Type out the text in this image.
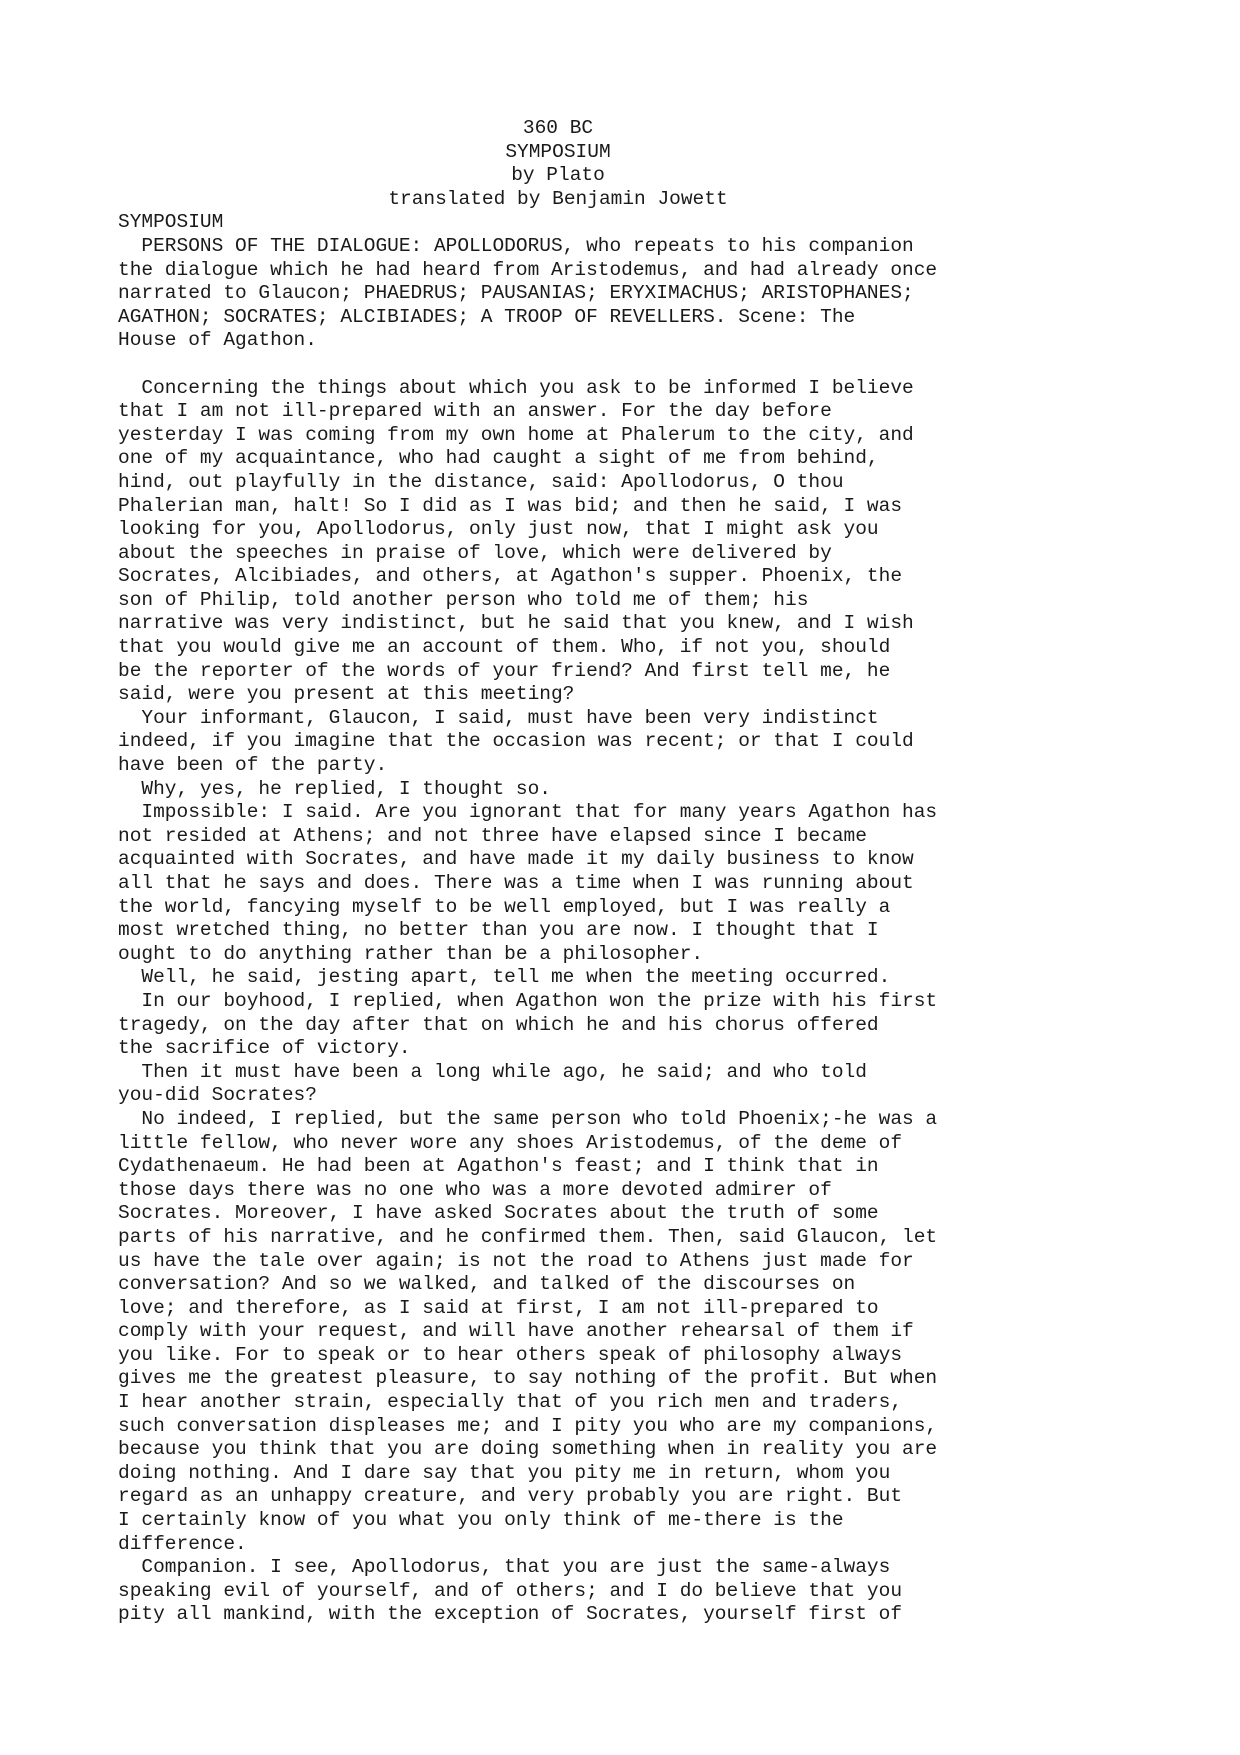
360 BC
SYMPOSIUM
by Plato
translated by Benjamin Jowett
SYMPOSIUM
PERSONS OF THE DIALOGUE: APOLLODORUS, who repeats to his companion
the dialogue which he had heard from Aristodemus, and had already once
narrated to Glaucon; PHAEDRUS; PAUSANIAS; ERYXIMACHUS; ARISTOPHANES;
AGATHON; SOCRATES; ALCIBIADES; A TROOP OF REVELLERS. Scene: The
House of Agathon.
Concerning the things about which you ask to be informed I believe
that I am not ill-prepared with an answer. For the day before
yesterday I was coming from my own home at Phalerum to the city, and
one of my acquaintance, who had caught a sight of me from behind,
hind, out playfully in the distance, said: Apollodorus, O thou
Phalerian man, halt! So I did as I was bid; and then he said, I was
looking for you, Apollodorus, only just now, that I might ask you
about the speeches in praise of love, which were delivered by
Socrates, Alcibiades, and others, at Agathon's supper. Phoenix, the
son of Philip, told another person who told me of them; his
narrative was very indistinct, but he said that you knew, and I wish
that you would give me an account of them. Who, if not you, should
be the reporter of the words of your friend? And first tell me, he
said, were you present at this meeting?
Your informant, Glaucon, I said, must have been very indistinct
indeed, if you imagine that the occasion was recent; or that I could
have been of the party.
Why, yes, he replied, I thought so.
Impossible: I said. Are you ignorant that for many years Agathon has
not resided at Athens; and not three have elapsed since I became
acquainted with Socrates, and have made it my daily business to know
all that he says and does. There was a time when I was running about
the world, fancying myself to be well employed, but I was really a
most wretched thing, no better than you are now. I thought that I
ought to do anything rather than be a philosopher.
Well, he said, jesting apart, tell me when the meeting occurred.
In our boyhood, I replied, when Agathon won the prize with his first
tragedy, on the day after that on which he and his chorus offered
the sacrifice of victory.
Then it must have been a long while ago, he said; and who told
you-did Socrates?
No indeed, I replied, but the same person who told Phoenix;-he was a
little fellow, who never wore any shoes Aristodemus, of the deme of
Cydathenaeum. He had been at Agathon's feast; and I think that in
those days there was no one who was a more devoted admirer of
Socrates. Moreover, I have asked Socrates about the truth of some
parts of his narrative, and he confirmed them. Then, said Glaucon, let
us have the tale over again; is not the road to Athens just made for
conversation? And so we walked, and talked of the discourses on
love; and therefore, as I said at first, I am not ill-prepared to
comply with your request, and will have another rehearsal of them if
you like. For to speak or to hear others speak of philosophy always
gives me the greatest pleasure, to say nothing of the profit. But when
I hear another strain, especially that of you rich men and traders,
such conversation displeases me; and I pity you who are my companions,
because you think that you are doing something when in reality you are
doing nothing. And I dare say that you pity me in return, whom you
regard as an unhappy creature, and very probably you are right. But
I certainly know of you what you only think of me-there is the
difference.
Companion. I see, Apollodorus, that you are just the same-always
speaking evil of yourself, and of others; and I do believe that you
pity all mankind, with the exception of Socrates, yourself first of
